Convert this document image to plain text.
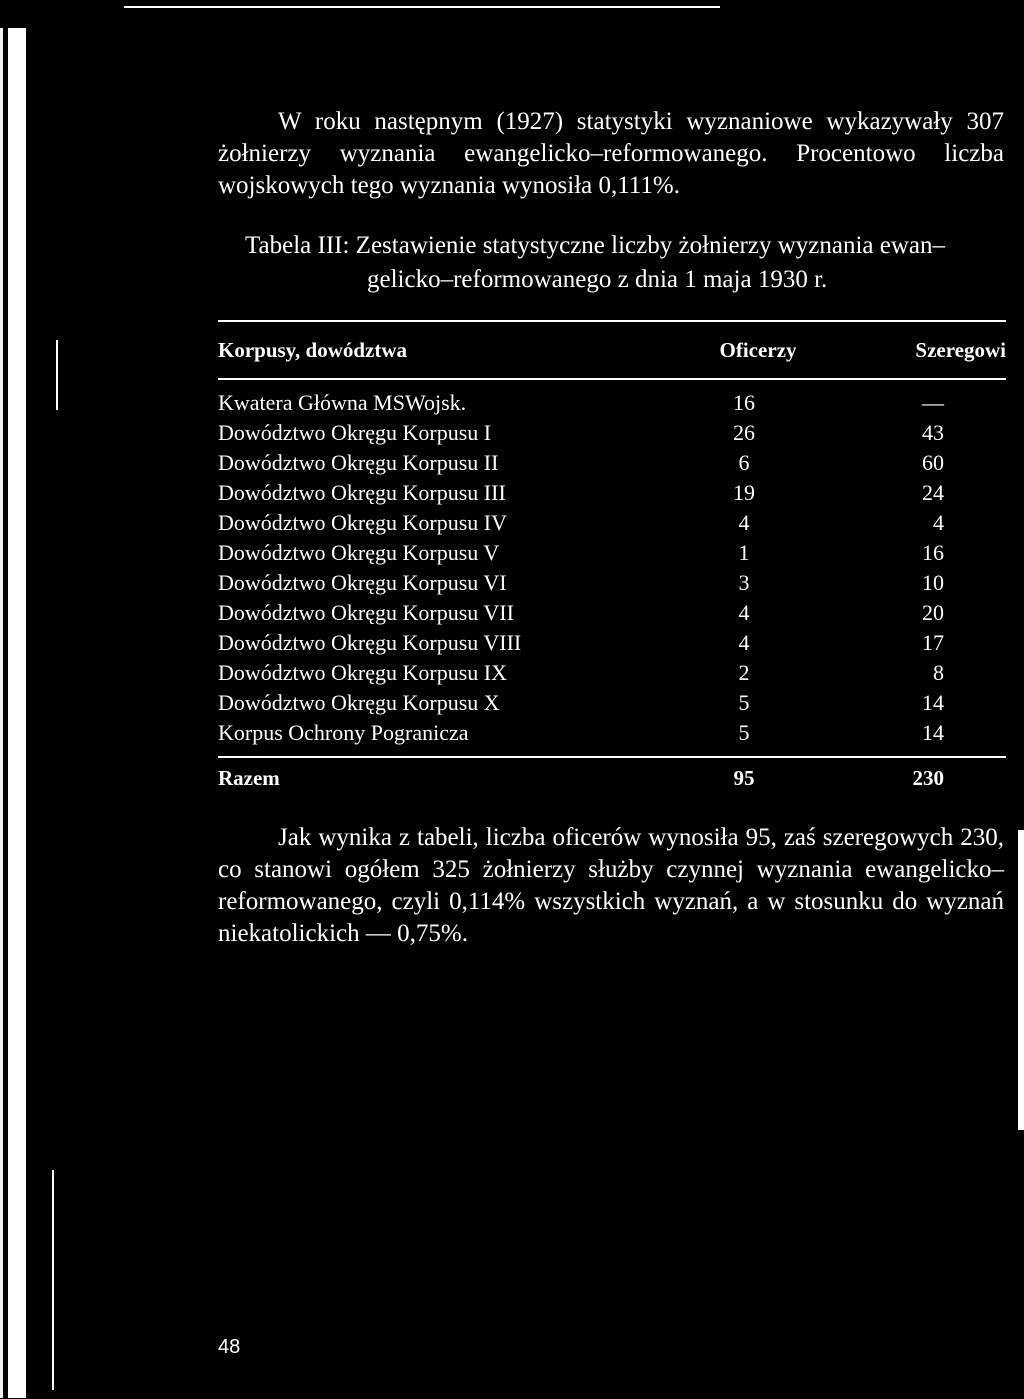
W roku następnym (1927) statystyki wyznaniowe wykazywały 307 żołnierzy wyznania ewangelicko–reformowanego. Procentowo liczba wojskowych tego wyznania wynosiła 0,111%.

Tabela III: Zestawienie statystyczne liczby żołnierzy wyznania ewan–
gelicko–reformowanego z dnia 1 maja 1930 r.

Korpusy, dowództwa	Oficerzy	Szeregowi
Kwatera Główna MSWojsk.	16	—
Dowództwo Okręgu Korpusu I	26	43
Dowództwo Okręgu Korpusu II	6	60
Dowództwo Okręgu Korpusu III	19	24
Dowództwo Okręgu Korpusu IV	4	4
Dowództwo Okręgu Korpusu V	1	16
Dowództwo Okręgu Korpusu VI	3	10
Dowództwo Okręgu Korpusu VII	4	20
Dowództwo Okręgu Korpusu VIII	4	17
Dowództwo Okręgu Korpusu IX	2	8
Dowództwo Okręgu Korpusu X	5	14
Korpus Ochrony Pogranicza	5	14
Razem	95	230

Jak wynika z tabeli, liczba oficerów wynosiła 95, zaś szeregowych 230, co stanowi ogółem 325 żołnierzy służby czynnej wyznania ewangelicko–reformowanego, czyli 0,114% wszystkich wyznań, a w stosunku do wyznań niekatolickich — 0,75%.

48
